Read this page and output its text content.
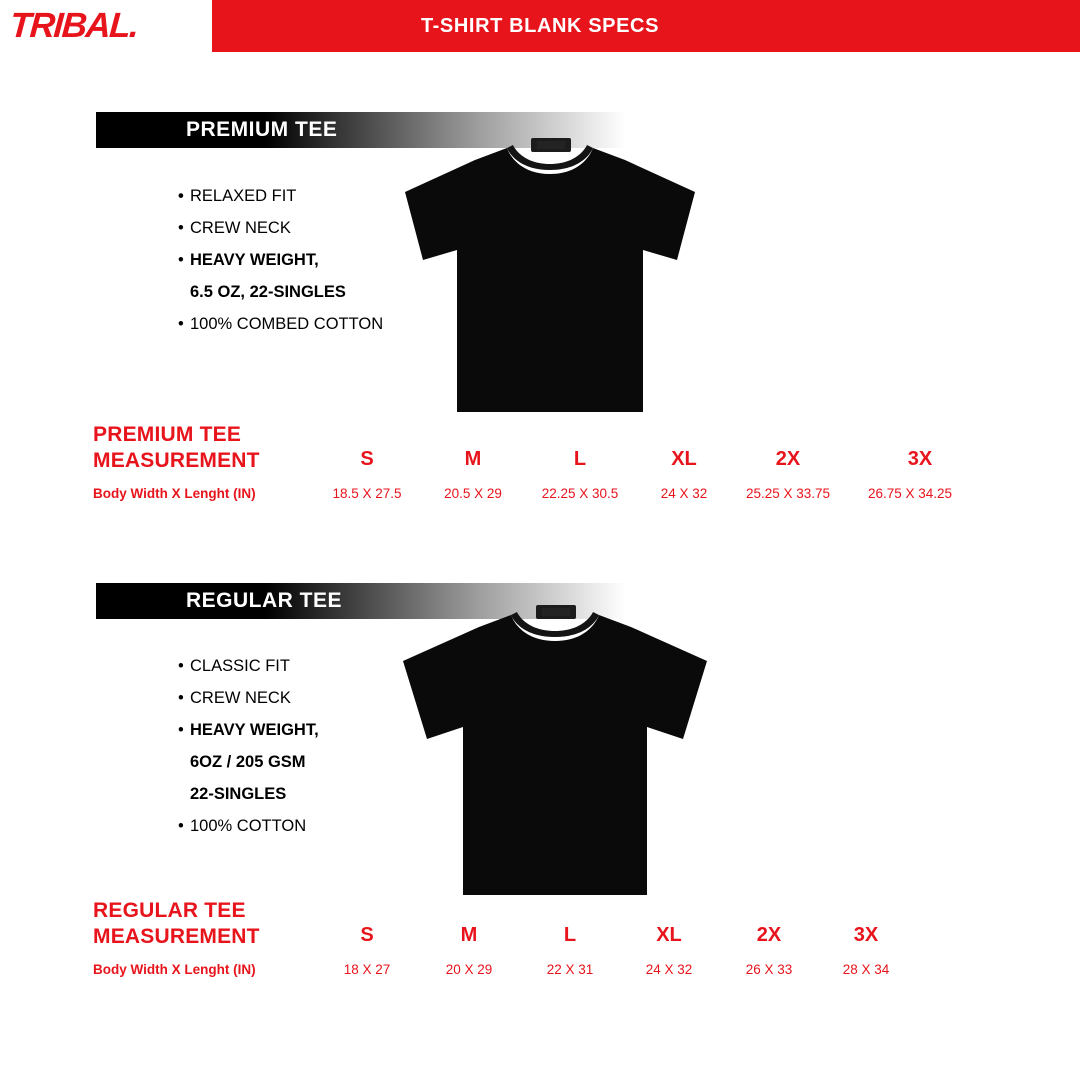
TRIBAL.	T-SHIRT BLANK SPECS
PREMIUM TEE
• RELAXED FIT
• CREW NECK
• HEAVY WEIGHT,
6.5 OZ, 22-SINGLES
• 100% COMBED COTTON
PREMIUM TEE
MEASUREMENT	S	M	L	XL	2X	3X
Body Width X Lenght (IN)	18.5 X 27.5	20.5 X 29	22.25 X 30.5	24 X 32	25.25 X 33.75	26.75 X 34.25
REGULAR TEE
• CLASSIC FIT
• CREW NECK
• HEAVY WEIGHT,
6OZ / 205 GSM
22-SINGLES
• 100% COTTON
REGULAR TEE
MEASUREMENT	S	M	L	XL	2X	3X
Body Width X Lenght (IN)	18 X 27	20 X 29	22 X 31	24 X 32	26 X 33	28 X 34
